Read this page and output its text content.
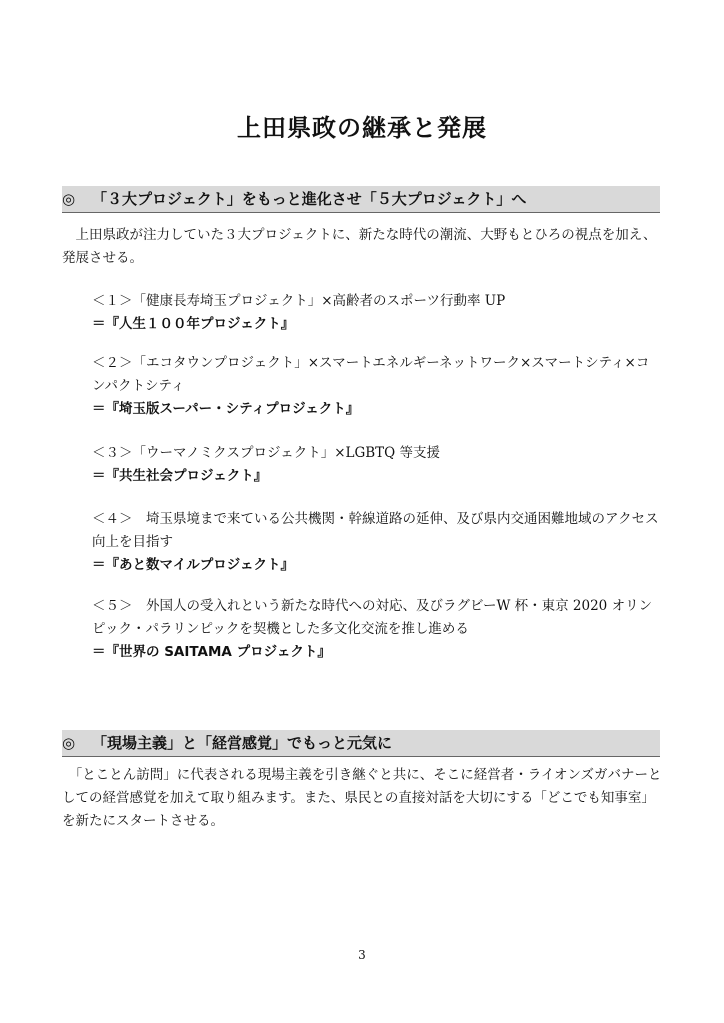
上田県政の継承と発展
◎ 「３大プロジェクト」をもっと進化させ「５大プロジェクト」へ
　上田県政が注力していた３大プロジェクトに、新たな時代の潮流、大野もとひろの視点を加え、発展させる。
＜１＞「健康長寿埼玉プロジェクト」×高齢者のスポーツ行動率 UP
＝『人生１００年プロジェクト』
＜２＞「エコタウンプロジェクト」×スマートエネルギーネットワーク×スマートシティ×コンパクトシティ
＝『埼玉版スーパー・シティプロジェクト』
＜３＞「ウーマノミクスプロジェクト」×LGBTQ 等支援
＝『共生社会プロジェクト』
＜４＞　埼玉県境まで来ている公共機関・幹線道路の延伸、及び県内交通困難地域のアクセス向上を目指す
＝『あと数マイルプロジェクト』
＜５＞　外国人の受入れという新たな時代への対応、及びラグビーW 杯・東京 2020 オリンピック・パラリンピックを契機とした多文化交流を推し進める
＝『世界の SAITAMA プロジェクト』
◎ 「現場主義」と「経営感覚」でもっと元気に
　「とことん訪問」に代表される現場主義を引き継ぐと共に、そこに経営者・ライオンズガバナーとしての経営感覚を加えて取り組みます。また、県民との直接対話を大切にする「どこでも知事室」を新たにスタートさせる。
3
